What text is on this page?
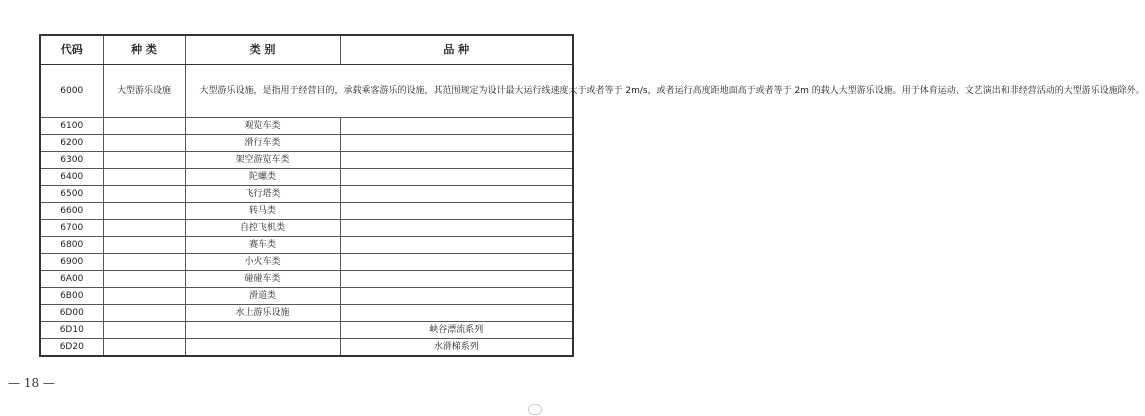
代码	种 类	类 别	品 种
6000	大型游乐设施	大型游乐设施，是指用于经营目的，承载乘客游乐的设施，其范围规定为设计最大运行线速度大于或者等于 2m/s，或者运行高度距地面高于或者等于 2m 的载人大型游乐设施。用于体育运动、文艺演出和非经营活动的大型游乐设施除外。	
6100		观览车类	
6200		滑行车类	
6300		架空游览车类	
6400		陀螺类	
6500		飞行塔类	
6600		转马类	
6700		自控飞机类	
6800		赛车类	
6900		小火车类	
6A00		碰碰车类	
6B00		滑道类	
6D00		水上游乐设施	
6D10			峡谷漂流系列
6D20			水滑梯系列
— 18 —
